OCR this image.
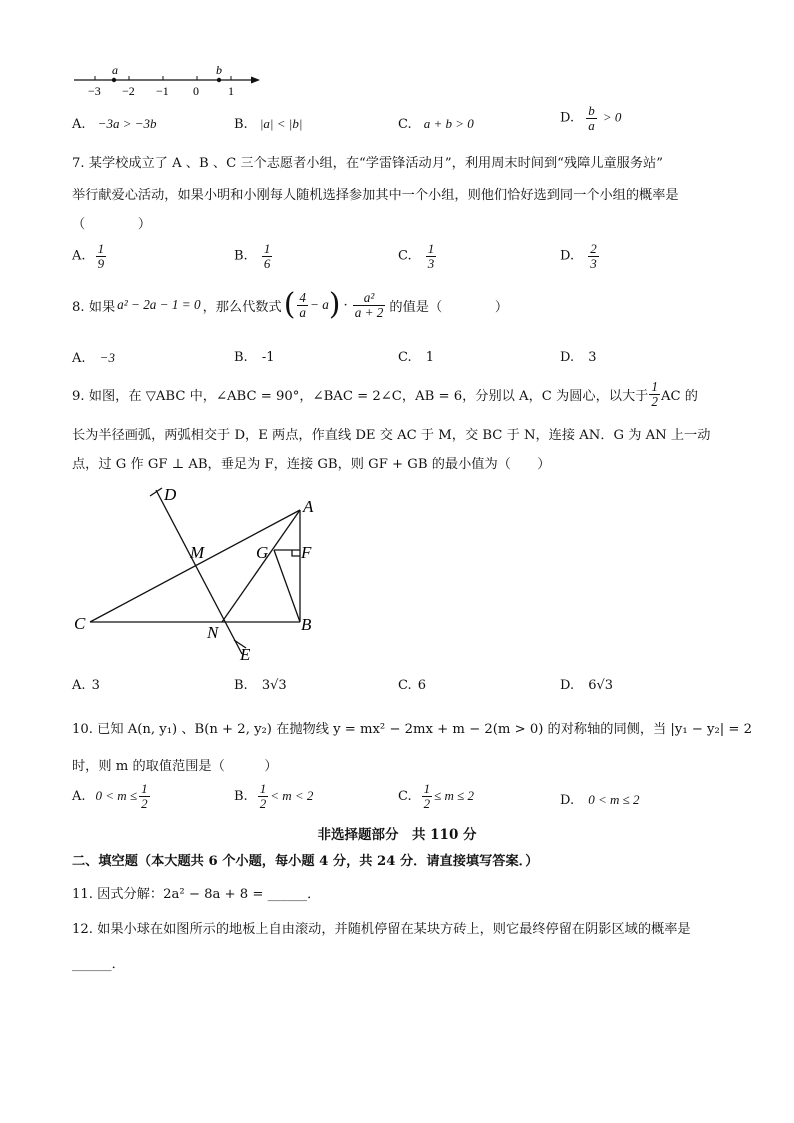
a	b
−3 −2 −1 0 1
A. −3a > −3b	B. |a| < |b|	C. a + b > 0	D. $\frac{b}{a} > 0$
7. 某学校成立了 A 、B 、C 三个志愿者小组，在“学雷锋活动月”，利用周末时间到“残障儿童服务站”
举行献爱心活动，如果小明和小刚每人随机选择参加其中一个小组，则他们恰好选到同一个小组的概率是
（　　　　）
A. $\frac{1}{9}$	B. $\frac{1}{6}$	C. $\frac{1}{3}$	D. $\frac{2}{3}$
8. 如果 a² − 2a − 1 = 0 ，那么代数式 ( $\frac{4}{a} - a$ ) · $\frac{\text{a²}}{a + 2}$ 的值是（　　　　）
A. −3	B. -1	C. 1	D. 3
9. 如图，在 ▽ABC 中，∠ABC = 90°，∠BAC = 2∠C，AB = 6，分别以 A，C 为圆心，以大于 $\frac{1}{2}$ AC 的
长为半径画弧，两弧相交于 D，E 两点，作直线 DE 交 AC 于 M，交 BC 于 N，连接 AN．G 为 AN 上一动
点，过 G 作 GF ⊥ AB，垂足为 F，连接 GB，则 GF + GB 的最小值为（　　）
D
A
M	G F
C	N	B
E
A. 3	B. 3√3	C. 6	D. 6√3
10. 已知 A(n, y₁) 、B(n + 2, y₂) 在抛物线 y = mx² − 2mx + m − 2(m > 0) 的对称轴的同侧，当 |y₁ − y₂| = 2
时，则 m 的取值范围是（　　　）
A. $0 < m \le \frac{1}{2}$	B. $\frac{1}{2} < m < 2$	C. $\frac{1}{2} \le m \le 2$	D. 0 < m ≤ 2
非选择题部分　共 110 分
二、填空题（本大题共 6 个小题，每小题 4 分，共 24 分．请直接填写答案．）
11. 因式分解：2a² − 8a + 8 = ______．
12. 如果小球在如图所示的地板上自由滚动，并随机停留在某块方砖上，则它最终停留在阴影区域的概率是
______．
